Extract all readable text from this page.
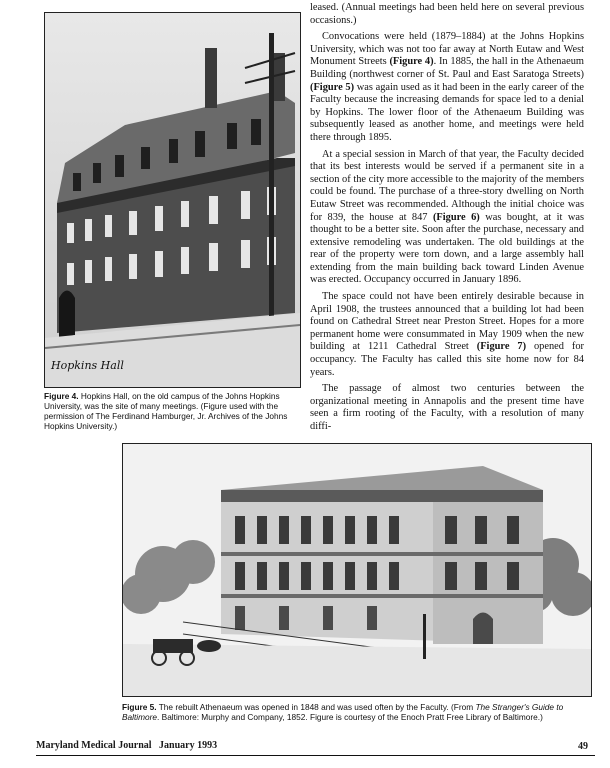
Hopkins Hall
Figure 4. Hopkins Hall, on the old campus of the Johns Hopkins University, was the site of many meetings. (Figure used with the permission of The Ferdinand Hamburger, Jr. Archives of the Johns Hopkins University.)

leased. (Annual meetings had been held here on several previous occasions.)

Convocations were held (1879–1884) at the Johns Hopkins University, which was not too far away at North Eutaw and West Monument Streets (Figure 4). In 1885, the hall in the Athenaeum Building (northwest corner of St. Paul and East Saratoga Streets) (Figure 5) was again used as it had been in the early career of the Faculty because the increasing demands for space led to a denial by Hopkins. The lower floor of the Athenaeum Building was subsequently leased as another home, and meetings were held there through 1895.

At a special session in March of that year, the Faculty decided that its best interests would be served if a permanent site in a section of the city more accessible to the majority of the members could be found. The purchase of a three-story dwelling on North Eutaw Street was recommended. Although the initial choice was for 839, the house at 847 (Figure 6) was bought, at it was thought to be a better site. Soon after the purchase, necessary and extensive remodeling was undertaken. The old buildings at the rear of the property were torn down, and a large assembly hall extending from the main building back toward Linden Avenue was erected. Occupancy occurred in January 1896.

The space could not have been entirely desirable because in April 1908, the trustees announced that a building lot had been found on Cathedral Street near Preston Street. Hopes for a more permanent home were consummated in May 1909 when the new building at 1211 Cathedral Street (Figure 7) opened for occupancy. The Faculty has called this site home now for 84 years.

The passage of almost two centuries between the organizational meeting in Annapolis and the present time have seen a firm rooting of the Faculty, with a resolution of many diffi-

Figure 5. The rebuilt Athenaeum was opened in 1848 and was used often by the Faculty. (From The Stranger's Guide to Baltimore. Baltimore: Murphy and Company, 1852. Figure is courtesy of the Enoch Pratt Free Library of Baltimore.)
Maryland Medical Journal   January 1993	49
